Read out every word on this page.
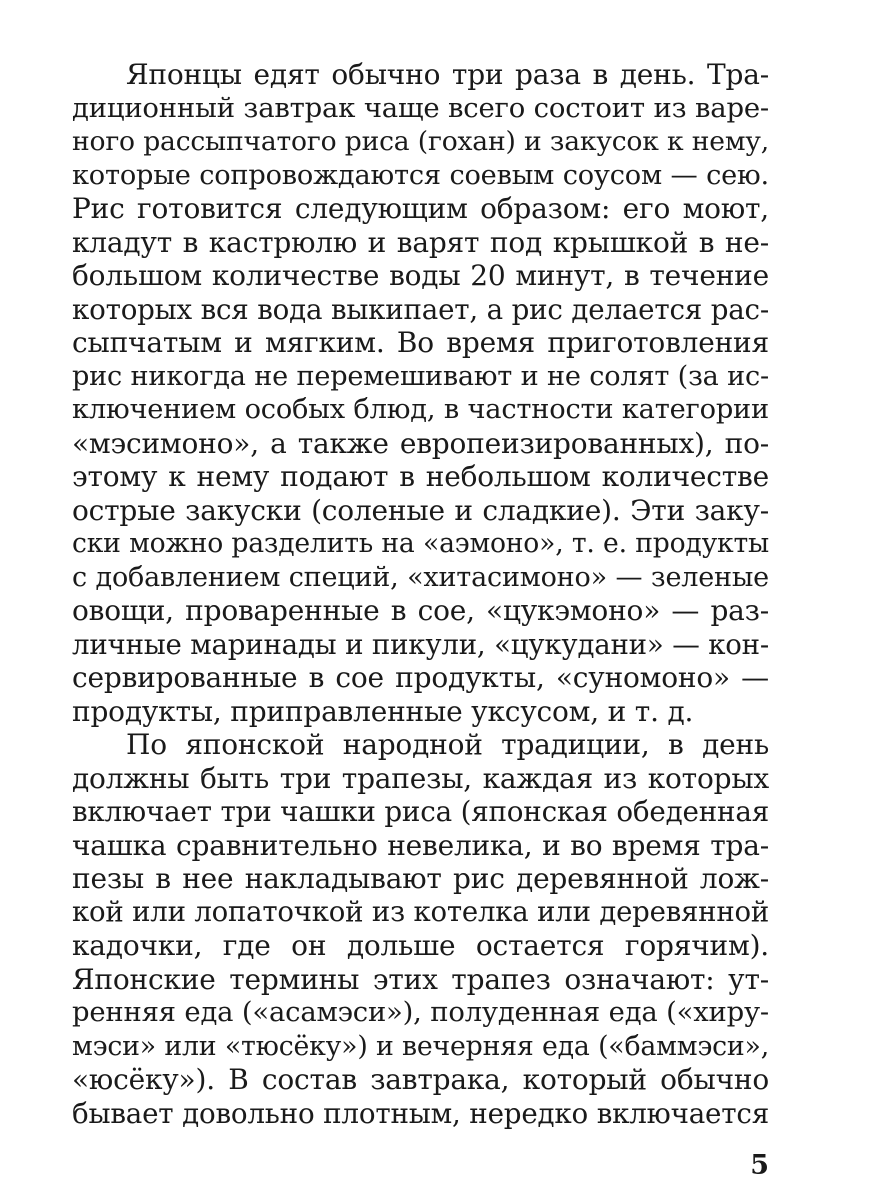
Японцы едят обычно три раза в день. Тра-
диционный завтрак чаще всего состоит из варе-
ного рассыпчатого риса (гохан) и закусок к нему,
которые сопровождаются соевым соусом — сею.
Рис готовится следующим образом: его моют,
кладут в кастрюлю и варят под крышкой в не-
большом количестве воды 20 минут, в течение
которых вся вода выкипает, а рис делается рас-
сыпчатым и мягким. Во время приготовления
рис никогда не перемешивают и не солят (за ис-
ключением особых блюд, в частности категории
«мэсимоно», а также европеизированных), по-
этому к нему подают в небольшом количестве
острые закуски (соленые и сладкие). Эти заку-
ски можно разделить на «аэмоно», т. е. продукты
с добавлением специй, «хитасимоно» — зеленые
овощи, проваренные в сое, «цукэмоно» — раз-
личные маринады и пикули, «цукудани» — кон-
сервированные в сое продукты, «суномоно» —
продукты, приправленные уксусом, и т. д.
По японской народной традиции, в день
должны быть три трапезы, каждая из которых
включает три чашки риса (японская обеденная
чашка сравнительно невелика, и во время тра-
пезы в нее накладывают рис деревянной лож-
кой или лопаточкой из котелка или деревянной
кадочки, где он дольше остается горячим).
Японские термины этих трапез означают: ут-
ренняя еда («асамэси»), полуденная еда («хиру-
мэси» или «тюсёку») и вечерняя еда («баммэси»,
«юсёку»). В состав завтрака, который обычно
бывает довольно плотным, нередко включается
5
